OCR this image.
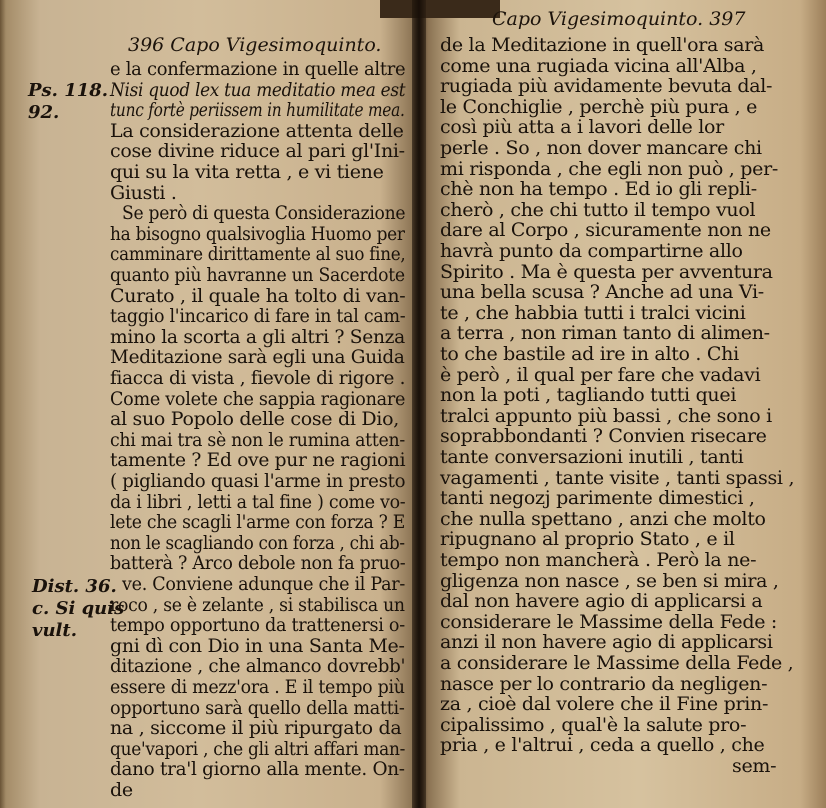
396 Capo Vigesimoquinto.
e la confermazione in quelle altre
Nisi quod lex tua meditatio mea est
tunc fortè periissem in humilitate mea.
La considerazione attenta delle
cose divine riduce al pari gl'Ini-
qui su la vita retta , e vi tiene
Giusti .
Se però di questa Considerazione
ha bisogno qualsivoglia Huomo per
camminare dirittamente al suo fine,
quanto più havranne un Sacerdote
Curato , il quale ha tolto di van-
taggio l'incarico di fare in tal cam-
mino la scorta a gli altri ? Senza
Meditazione sarà egli una Guida
fiacca di vista , fievole di rigore .
Come volete che sappia ragionare
al suo Popolo delle cose di Dio,
chi mai tra sè non le rumina atten-
tamente ? Ed ove pur ne ragioni
( pigliando quasi l'arme in presto
da i libri , letti a tal fine ) come vo-
lete che scagli l'arme con forza ? E
non le scagliando con forza , chi ab-
batterà ? Arco debole non fa pruo-
ve. Conviene adunque che il Par-
roco , se è zelante , si stabilisca un
tempo opportuno da trattenersi o-
gni dì con Dio in una Santa Me-
ditazione , che almanco dovrebb'
essere di mezz'ora . E il tempo più
opportuno sarà quello della matti-
na , siccome il più ripurgato da
que'vapori , che gli altri affari man-
dano tra'l giorno alla mente. On-
de
Ps. 118.
92.
Dist. 36.
c. Si quis
vult.
Capo Vigesimoquinto. 397
de la Meditazione in quell'ora sarà
come una rugiada vicina all'Alba ,
rugiada più avidamente bevuta dal-
le Conchiglie , perchè più pura , e
così più atta a i lavori delle lor
perle . So , non dover mancare chi
mi risponda , che egli non può , per-
chè non ha tempo . Ed io gli repli-
cherò , che chi tutto il tempo vuol
dare al Corpo , sicuramente non ne
havrà punto da compartirne allo
Spirito . Ma è questa per avventura
una bella scusa ? Anche ad una Vi-
te , che habbia tutti i tralci vicini
a terra , non riman tanto di alimen-
to che bastile ad ire in alto . Chi
è però , il qual per fare che vadavi
non la poti , tagliando tutti quei
tralci appunto più bassi , che sono i
soprabbondanti ? Convien risecare
tante conversazioni inutili , tanti
vagamenti , tante visite , tanti spassi ,
tanti negozj parimente dimestici ,
che nulla spettano , anzi che molto
ripugnano al proprio Stato , e il
tempo non mancherà . Però la ne-
gligenza non nasce , se ben si mira ,
dal non havere agio di applicarsi a
considerare le Massime della Fede :
anzi il non havere agio di applicarsi
a considerare le Massime della Fede ,
nasce per lo contrario da negligen-
za , cioè dal volere che il Fine prin-
cipalissimo , qual'è la salute pro-
pria , e l'altrui , ceda a quello , che
sem-
